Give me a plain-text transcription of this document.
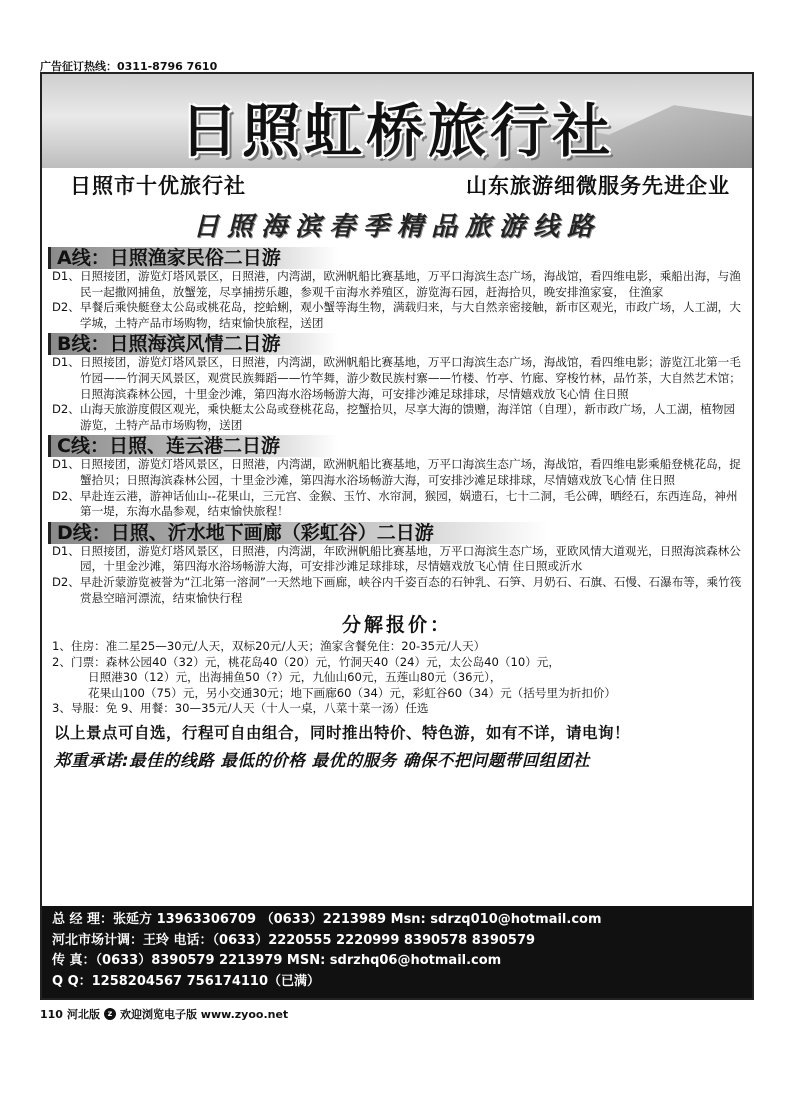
广告征订热线：0311-8796 7610
日照虹桥旅行社
日照市十优旅行社	山东旅游细微服务先进企业
日照海滨春季精品旅游线路
A线：日照渔家民俗二日游
D1、 日照接团，游览灯塔风景区，日照港，内湾湖，欧洲帆船比赛基地，万平口海滨生态广场，海战馆，看四维电影，乘船出海，与渔民一起撒网捕鱼，放蟹笼，尽享捕捞乐趣，参观千亩海水养殖区，游览海石园，赶海拾贝，晚安排渔家宴， 住渔家
D2、 早餐后乘快艇登太公岛或桃花岛，挖蛤蜊，观小蟹等海生物，满载归来，与大自然亲密接触，新市区观光，市政广场，人工湖，大学城，土特产品市场购物，结束愉快旅程，送团
B线：日照海滨风情二日游
D1、 日照接团，游览灯塔风景区，日照港，内湾湖，欧洲帆船比赛基地，万平口海滨生态广场，海战馆，看四维电影；游览江北第一毛竹园——竹洞天风景区，观赏民族舞蹈——竹竿舞，游少数民族村寨——竹楼、竹亭、竹廊、穿梭竹林，品竹茶，大自然艺术馆；日照海滨森林公园，十里金沙滩，第四海水浴场畅游大海，可安排沙滩足球排球，尽情嬉戏放飞心情 住日照
D2、 山海天旅游度假区观光，乘快艇太公岛或登桃花岛，挖蟹拾贝，尽享大海的馈赠，海洋馆（自理），新市政广场，人工湖，植物园游览，土特产品市场购物，送团
C线：日照、连云港二日游
D1、 日照接团，游览灯塔风景区，日照港，内湾湖，欧洲帆船比赛基地，万平口海滨生态广场，海战馆，看四维电影乘船登桃花岛，捉蟹拾贝；日照海滨森林公园，十里金沙滩，第四海水浴场畅游大海，可安排沙滩足球排球，尽情嬉戏放飞心情 住日照
D2、 早赴连云港，游神话仙山--花果山，三元宫、金猴、玉竹、水帘洞，猴园，娲遗石，七十二洞，毛公碑，晒经石，东西连岛，神州第一堤，东海水晶参观，结束愉快旅程！
D线：日照、沂水地下画廊（彩虹谷）二日游
D1、 日照接团，游览灯塔风景区，日照港，内湾湖，年欧洲帆船比赛基地，万平口海滨生态广场，亚欧风情大道观光，日照海滨森林公园，十里金沙滩，第四海水浴场畅游大海，可安排沙滩足球排球，尽情嬉戏放飞心情 住日照或沂水
D2、 早赴沂蒙游览被誉为“江北第一溶洞”一天然地下画廊，峡谷内千姿百态的石钟乳、石笋、月奶石、石旗、石慢、石瀑布等，乘竹筏赏悬空暗河漂流，结束愉快行程
分解报价：
1、住房：准二星25—30元/人天，双标20元/人天；渔家含餐免住：20-35元/人天）
2、门票：森林公园40（32）元，桃花岛40（20）元，竹洞天40（24）元，太公岛40（10）元，
日照港30（12）元，出海捕鱼50（?）元，九仙山60元，五莲山80元（36元），
花果山100（75）元，另小交通30元；地下画廊60（34）元，彩虹谷60（34）元（括号里为折扣价）
3、导服：免 9、用餐：30—35元/人天（十人一桌，八菜十菜一汤）任选
以上景点可自选，行程可自由组合，同时推出特价、特色游，如有不详，请电询！
郑重承诺:最佳的线路 最低的价格 最优的服务 确保不把问题带回组团社
总 经 理：张延方 13963306709 （0633）2213989 Msn: sdrzq010@hotmail.com
河北市场计调：王玲 电话：（0633）2220555 2220999 8390578 8390579
传 真：（0633）8390579 2213979 MSN: sdrzhq06@hotmail.com
Q Q：1258204567 756174110（已满）
110 河北版 z 欢迎浏览电子版 www.zyoo.net
